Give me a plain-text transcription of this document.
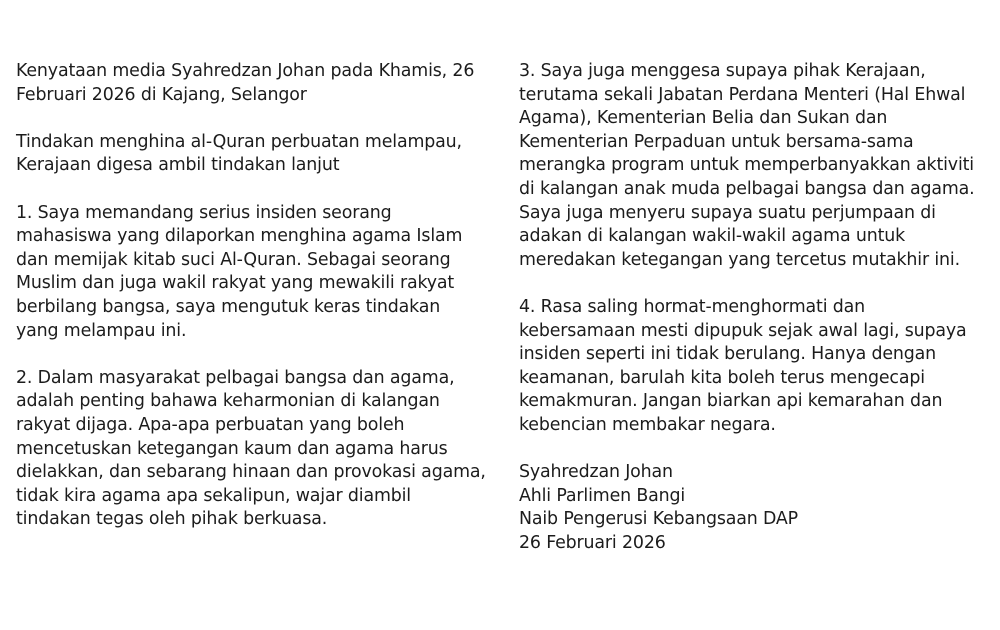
Kenyataan media Syahredzan Johan pada Khamis, 26
Februari 2026 di Kajang, Selangor

Tindakan menghina al-Quran perbuatan melampau,
Kerajaan digesa ambil tindakan lanjut

1. Saya memandang serius insiden seorang
mahasiswa yang dilaporkan menghina agama Islam
dan memijak kitab suci Al-Quran. Sebagai seorang
Muslim dan juga wakil rakyat yang mewakili rakyat
berbilang bangsa, saya mengutuk keras tindakan
yang melampau ini.

2. Dalam masyarakat pelbagai bangsa dan agama,
adalah penting bahawa keharmonian di kalangan
rakyat dijaga. Apa-apa perbuatan yang boleh
mencetuskan ketegangan kaum dan agama harus
dielakkan, dan sebarang hinaan dan provokasi agama,
tidak kira agama apa sekalipun, wajar diambil
tindakan tegas oleh pihak berkuasa.

3. Saya juga menggesa supaya pihak Kerajaan,
terutama sekali Jabatan Perdana Menteri (Hal Ehwal
Agama), Kementerian Belia dan Sukan dan
Kementerian Perpaduan untuk bersama-sama
merangka program untuk memperbanyakkan aktiviti
di kalangan anak muda pelbagai bangsa dan agama.
Saya juga menyeru supaya suatu perjumpaan di
adakan di kalangan wakil-wakil agama untuk
meredakan ketegangan yang tercetus mutakhir ini.

4. Rasa saling hormat-menghormati dan
kebersamaan mesti dipupuk sejak awal lagi, supaya
insiden seperti ini tidak berulang. Hanya dengan
keamanan, barulah kita boleh terus mengecapi
kemakmuran. Jangan biarkan api kemarahan dan
kebencian membakar negara.

Syahredzan Johan
Ahli Parlimen Bangi
Naib Pengerusi Kebangsaan DAP
26 Februari 2026
